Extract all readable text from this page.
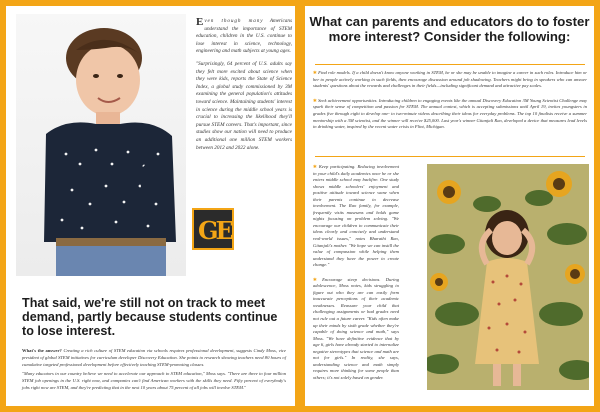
Even though many Americans understand the importance of STEM education, children in the U.S. continue to lose interest in science, technology, engineering and math subjects at young ages.

"Surprisingly, 64 percent of U.S. adults say they felt more excited about science when they were kids, reports the State of Science Index, a global study commissioned by 3M examining the general population's attitudes toward science. Maintaining students' interest in science during the middle school years is crucial to increasing the likelihood they'll pursue STEM careers. That's important, since studies show our nation will need to produce an additional one million STEM workers between 2012 and 2022 alone.

GE
That said, we're still not on track to meet demand, partly because students continue to lose interest.

What's the answer? Creating a rich culture of STEM education via schools requires professional development, suggests Cindy Moss, vice president of global STEM initiatives for curriculum developer Discovery Education. She points to research showing teachers need 80 hours of cumulative targeted professional development before effectively teaching STEM-promoting classes.

"Many educators in our country believe we need to accelerate our approach to STEM education," Moss says. "There are three to four million STEM job openings in the U.S. right now, and companies can't find American workers with the skills they need. Fifty percent of everybody's jobs right now are STEM, and they're predicting that in the next 10 years about 75 percent of all jobs will involve STEM."

What can parents and educators do to foster more interest? Consider the following:
✱ Find role models. If a child doesn't know anyone working in STEM, he or she may be unable to imagine a career in such roles. Introduce him or her to people actively working in such fields, then encourage discussion around job shadowing. Teachers might bring in speakers who can answer students' questions about the rewards and challenges in their fields—including significant demand and attractive pay scales.
✱ Seek achievement opportunities. Introducing children to engaging events like the annual Discovery Education 3M Young Scientist Challenge may spark their sense of competition and passion for STEM. The annual contest, which is accepting submissions until April 19, invites youngsters in grades five through eight to develop one- to two-minute videos describing their ideas for everyday problems. The top 10 finalists receive a summer mentorship with a 3M scientist, and the winner will receive $25,000. Last year's winner Gitanjali Rao, developed a device that measures lead levels in drinking water, inspired by the recent water crisis in Flint, Michigan.
✱ Keep participating. Reducing involvement in your child's daily academics once he or she enters middle school may backfire. One study shows middle schoolers' enjoyment and positive attitude toward science wane when their parents continue to decrease involvement. The Rao family, for example, frequently visits museums and holds game nights focusing on problem solving. "We encourage our children to communicate their ideas clearly and concisely and understand real-world issues," notes Bharathi Rao, Gitanjali's mother. "We hope we can instill the value of compassion while helping them understand they have the power to create change."
✱ Encourage steep decisions. During adolescence, Moss notes, kids struggling to figure out who they are can easily form inaccurate perceptions of their academic weaknesses. Reassure your child that challenging assignments or bad grades need not rule out a future career. "Kids often make up their minds by sixth grade whether they're capable of doing science and math," says Moss. "We have definitive evidence that by age 6, girls have already started to internalize negative stereotypes that science and math are not for girls." In reality, she says, understanding science and math simply requires more thinking for some people than others; it's not solely based on gender.
